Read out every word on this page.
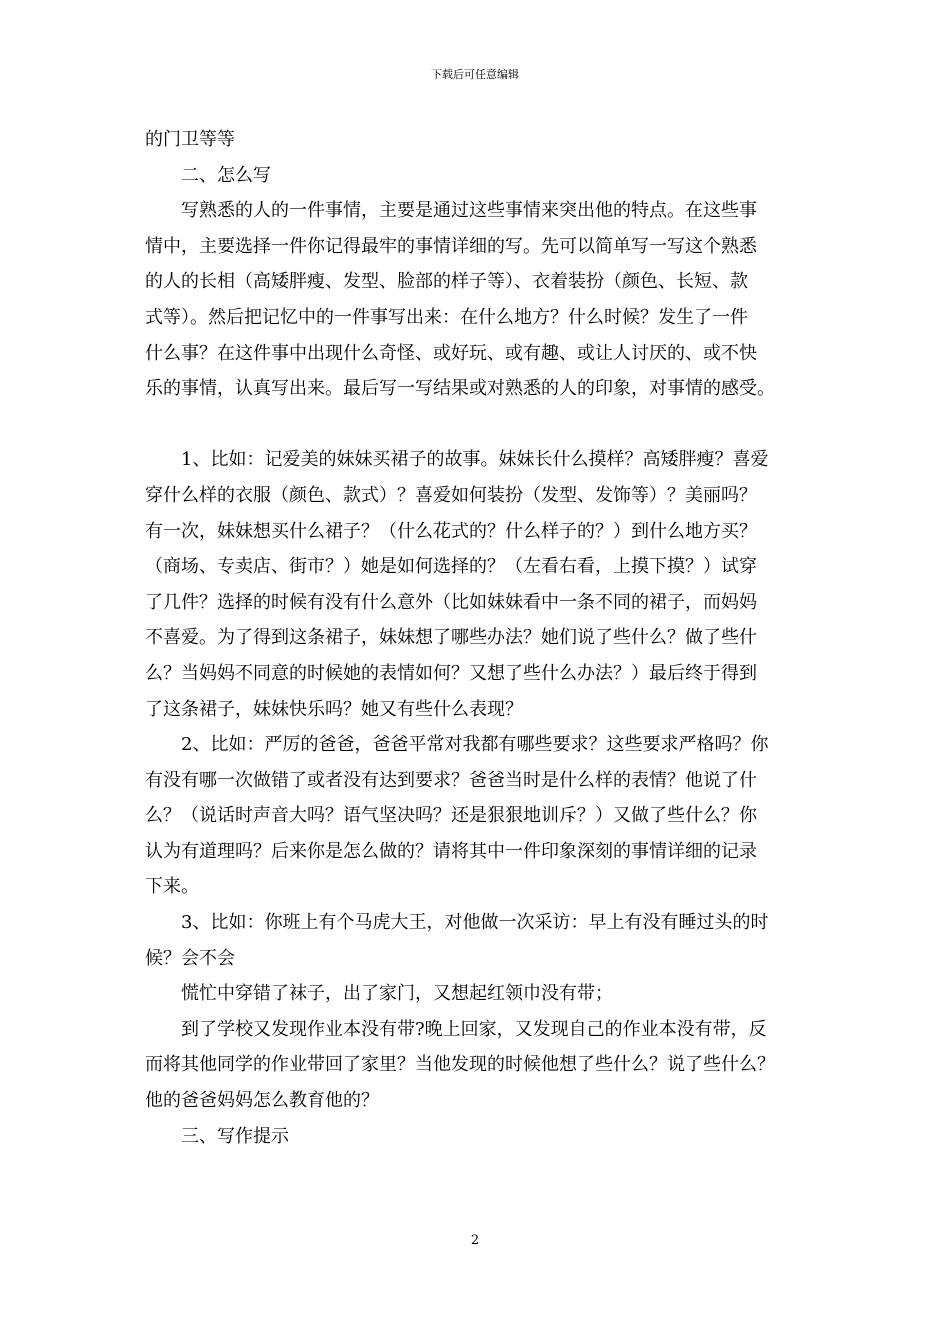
下载后可任意编辑
的门卫等等
二、怎么写
写熟悉的人的一件事情，主要是通过这些事情来突出他的特点。在这些事
情中，主要选择一件你记得最牢的事情详细的写。先可以简单写一写这个熟悉
的人的长相（高矮胖瘦、发型、脸部的样子等）、衣着装扮（颜色、长短、款
式等）。然后把记忆中的一件事写出来：在什么地方？什么时候？发生了一件
什么事？在这件事中出现什么奇怪、或好玩、或有趣、或让人讨厌的、或不快
乐的事情，认真写出来。最后写一写结果或对熟悉的人的印象，对事情的感受。
1、比如：记爱美的妹妹买裙子的故事。妹妹长什么摸样？高矮胖瘦？喜爱
穿什么样的衣服（颜色、款式）？喜爱如何装扮（发型、发饰等）？美丽吗？
有一次，妹妹想买什么裙子？（什么花式的？什么样子的？）到什么地方买？
（商场、专卖店、街市？）她是如何选择的？（左看右看，上摸下摸？）试穿
了几件？选择的时候有没有什么意外（比如妹妹看中一条不同的裙子，而妈妈
不喜爱。为了得到这条裙子，妹妹想了哪些办法？她们说了些什么？做了些什
么？当妈妈不同意的时候她的表情如何？又想了些什么办法？）最后终于得到
了这条裙子，妹妹快乐吗？她又有些什么表现？
2、比如：严厉的爸爸，爸爸平常对我都有哪些要求？这些要求严格吗？你
有没有哪一次做错了或者没有达到要求？爸爸当时是什么样的表情？他说了什
么？（说话时声音大吗？语气坚决吗？还是狠狠地训斥？）又做了些什么？你
认为有道理吗？后来你是怎么做的？请将其中一件印象深刻的事情详细的记录
下来。
3、比如：你班上有个马虎大王，对他做一次采访：早上有没有睡过头的时
候？会不会
慌忙中穿错了袜子，出了家门，又想起红领巾没有带；
到了学校又发现作业本没有带?晚上回家，又发现自己的作业本没有带，反
而将其他同学的作业带回了家里？当他发现的时候他想了些什么？说了些什么？
他的爸爸妈妈怎么教育他的？
三、写作提示
2
